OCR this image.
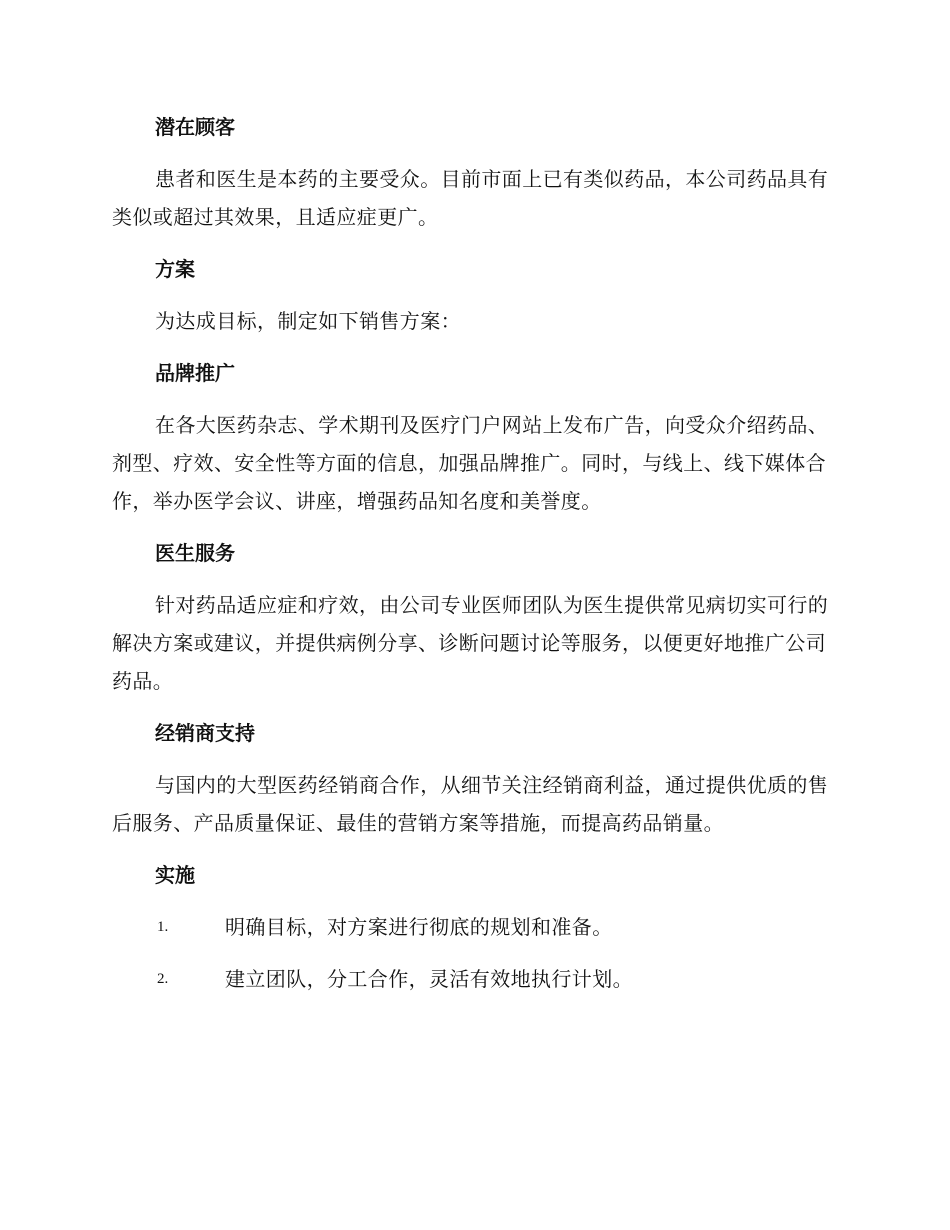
潜在顾客

患者和医生是本药的主要受众。目前市面上已有类似药品，本公司药品具有类似或超过其效果，且适应症更广。

方案

为达成目标，制定如下销售方案：

品牌推广

在各大医药杂志、学术期刊及医疗门户网站上发布广告，向受众介绍药品、剂型、疗效、安全性等方面的信息，加强品牌推广。同时，与线上、线下媒体合作，举办医学会议、讲座，增强药品知名度和美誉度。

医生服务

针对药品适应症和疗效，由公司专业医师团队为医生提供常见病切实可行的解决方案或建议，并提供病例分享、诊断问题讨论等服务，以便更好地推广公司药品。

经销商支持

与国内的大型医药经销商合作，从细节关注经销商利益，通过提供优质的售后服务、产品质量保证、最佳的营销方案等措施，而提高药品销量。

实施
1.	明确目标，对方案进行彻底的规划和准备。
2.	建立团队，分工合作，灵活有效地执行计划。
